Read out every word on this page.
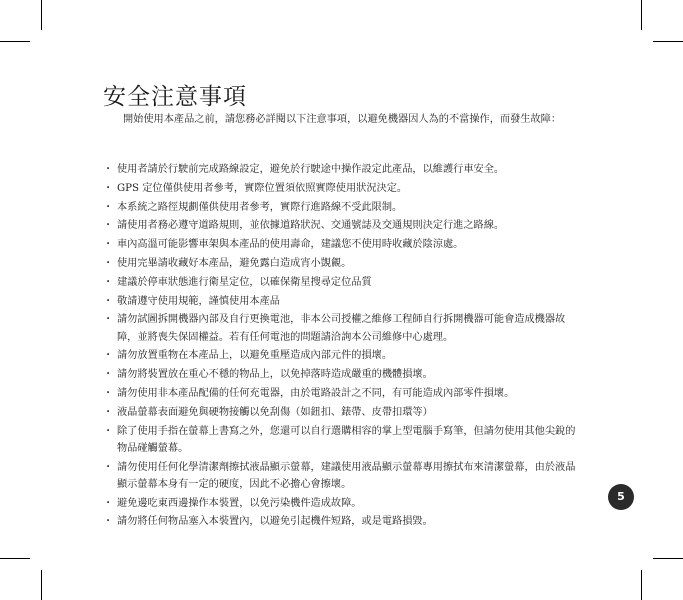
安全注意事項

開始使用本產品之前，請您務必詳閱以下注意事項，以避免機器因人為的不當操作，而發生故障：

・ 使用者請於行駛前完成路線設定，避免於行駛途中操作設定此產品，以維護行車安全。
・ GPS 定位僅供使用者參考，實際位置須依照實際使用狀況決定。
・ 本系統之路徑規劃僅供使用者參考，實際行進路線不受此限制。
・ 請使用者務必遵守道路規則，並依據道路狀況、交通號誌及交通規則決定行進之路線。
・ 車內高溫可能影響車架與本產品的使用壽命，建議您不使用時收藏於陰涼處。
・ 使用完畢請收藏好本產品，避免露白造成宵小覬覦。
・ 建議於停車狀態進行衛星定位，以確保衛星搜尋定位品質
・ 敬請遵守使用規範，謹慎使用本產品
・ 請勿試圖拆開機器內部及自行更換電池，非本公司授權之維修工程師自行拆開機器可能會造成機器故障，並將喪失保固權益。若有任何電池的問題請洽詢本公司維修中心處理。
・ 請勿放置重物在本產品上，以避免重壓造成內部元件的損壞。
・ 請勿將裝置放在重心不穩的物品上，以免掉落時造成嚴重的機體損壞。
・ 請勿使用非本產品配備的任何充電器，由於電路設計之不同，有可能造成內部零件損壞。
・ 液晶螢幕表面避免與硬物接觸以免刮傷（如鈕扣、錶帶、皮帶扣環等）
・ 除了使用手指在螢幕上書寫之外，您還可以自行選購相容的掌上型電腦手寫筆，但請勿使用其他尖銳的物品碰觸螢幕。
・ 請勿使用任何化學清潔劑擦拭液晶顯示螢幕，建議使用液晶顯示螢幕專用擦拭布來清潔螢幕，由於液晶顯示螢幕本身有一定的硬度，因此不必擔心會擦壞。
・ 避免邊吃東西邊操作本裝置，以免污染機件造成故障。
・ 請勿將任何物品塞入本裝置內，以避免引起機件短路，或是電路損毀。
5
